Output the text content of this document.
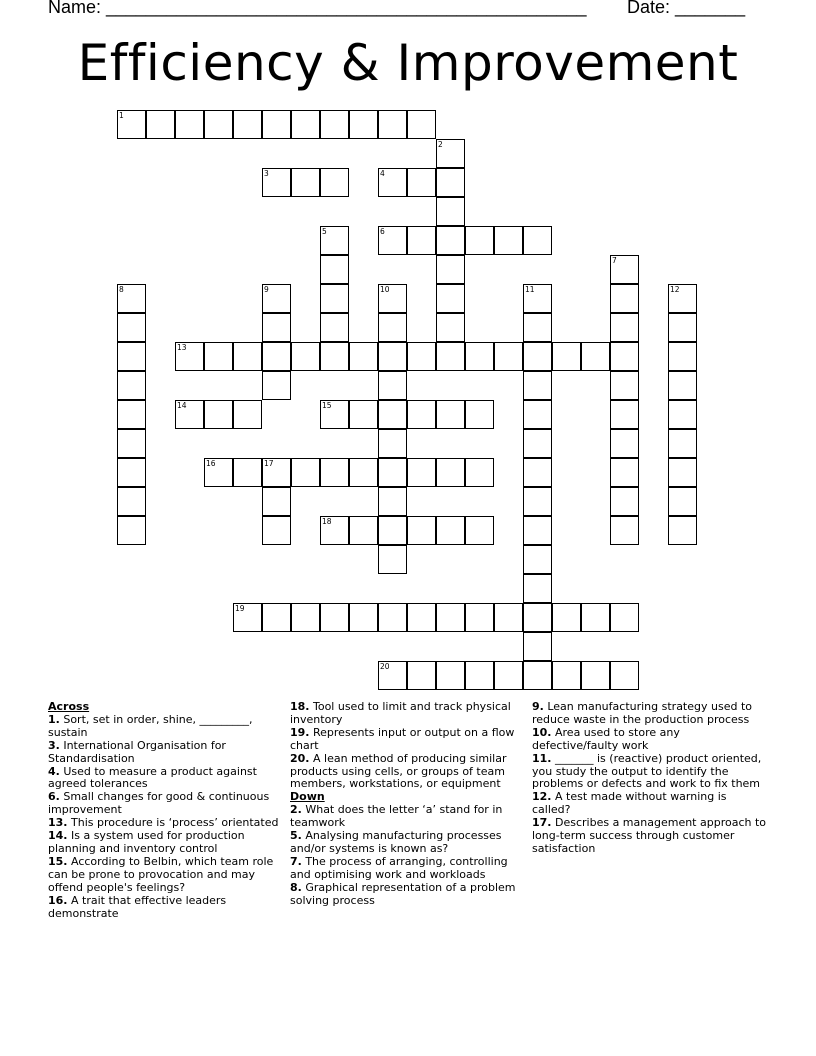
Name: ________________________________________________ Date: _______
Efficiency & Improvement
1
2
3	4
5	6
7
8	9	10	11	12
13
14	15
16	17
18
19
20

Across

1. Sort, set in order, shine, _________, sustain

3. International Organisation for Standardisation

4. Used to measure a product against agreed tolerances

6. Small changes for good & continuous improvement

13. This procedure is ‘process’ orientated

14. Is a system used for production planning and inventory control

15. According to Belbin, which team role can be prone to provocation and may offend people's feelings?

16. A trait that effective leaders demonstrate

18. Tool used to limit and track physical inventory

19. Represents input or output on a flow chart

20. A lean method of producing similar products using cells, or groups of team members, workstations, or equipment

Down

2. What does the letter ‘a’ stand for in teamwork

5. Analysing manufacturing processes and/or systems is known as?

7. The process of arranging, controlling and optimising work and workloads

8. Graphical representation of a problem solving process

9. Lean manufacturing strategy used to reduce waste in the production process

10. Area used to store any defective/faulty work

11. _______ is (reactive) product oriented, you study the output to identify the problems or defects and work to fix them

12. A test made without warning is called?

17. Describes a management approach to long-term success through customer satisfaction
